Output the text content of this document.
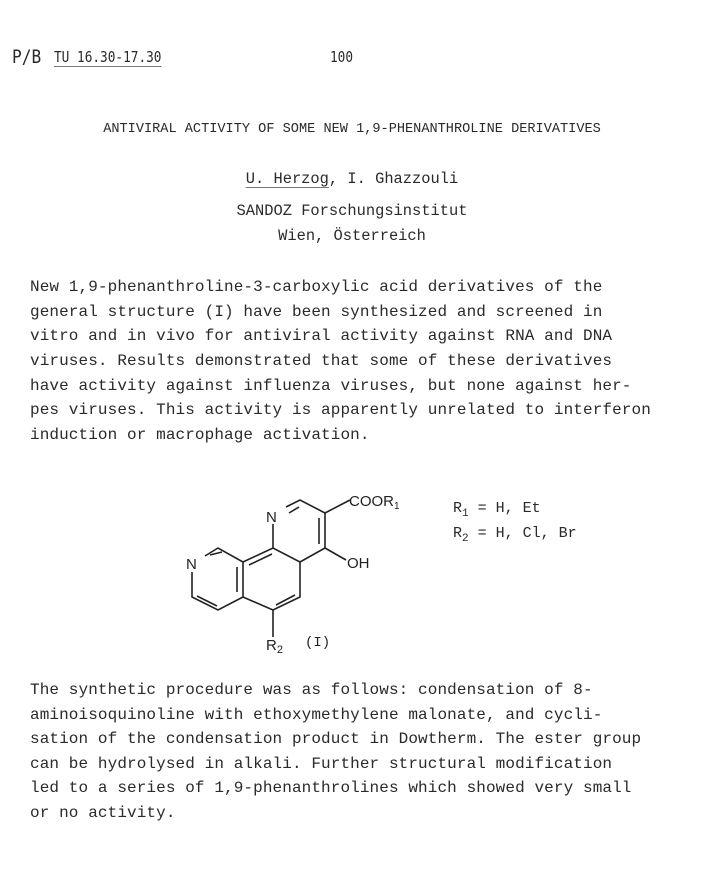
P/B TU 16.30-17.30	100
ANTIVIRAL ACTIVITY OF SOME NEW 1,9-PHENANTHROLINE DERIVATIVES
U. Herzog, I. Ghazzouli
SANDOZ Forschungsinstitut
Wien, Österreich
New 1,9-phenanthroline-3-carboxylic acid derivatives of the
general structure (I) have been synthesized and screened in
vitro and in vivo for antiviral activity against RNA and DNA
viruses. Results demonstrated that some of these derivatives
have activity against influenza viruses, but none against her-
pes viruses. This activity is apparently unrelated to interferon
induction or macrophage activation.
N
N
$COOR_1$
OH
$R_2$ (I)
$R_1 = H$, Et
$R_2 = H$, Cl, Br
The synthetic procedure was as follows: condensation of 8-
aminoisoquinoline with ethoxymethylene malonate, and cycli-
sation of the condensation product in Dowtherm. The ester group
can be hydrolysed in alkali. Further structural modification
led to a series of 1,9-phenanthrolines which showed very small
or no activity.
